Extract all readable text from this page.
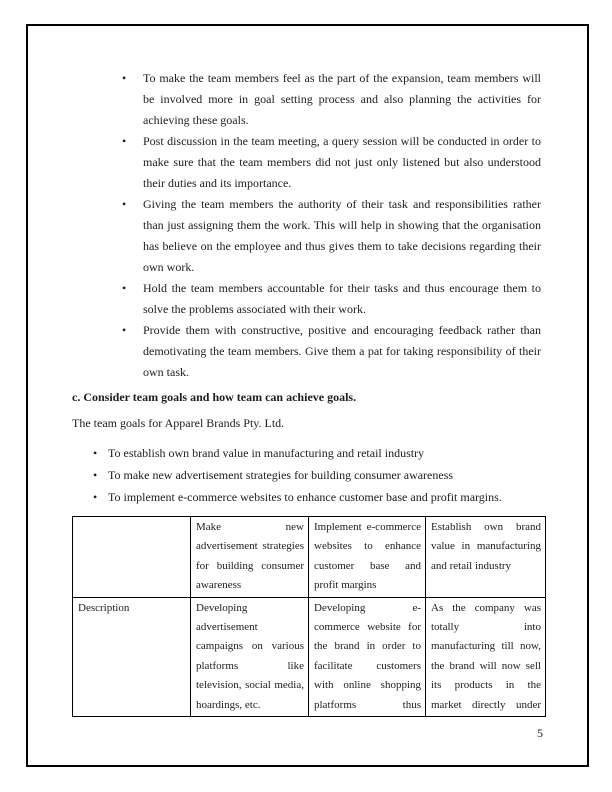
• To make the team members feel as the part of the expansion, team members will be involved more in goal setting process and also planning the activities for achieving these goals.
• Post discussion in the team meeting, a query session will be conducted in order to make sure that the team members did not just only listened but also understood their duties and its importance.
• Giving the team members the authority of their task and responsibilities rather than just assigning them the work. This will help in showing that the organisation has believe on the employee and thus gives them to take decisions regarding their own work.
• Hold the team members accountable for their tasks and thus encourage them to solve the problems associated with their work.
• Provide them with constructive, positive and encouraging feedback rather than demotivating the team members. Give them a pat for taking responsibility of their own task.

c. Consider team goals and how team can achieve goals.

The team goals for Apparel Brands Pty. Ltd.

• To establish own brand value in manufacturing and retail industry
• To make new advertisement strategies for building consumer awareness
• To implement e-commerce websites to enhance customer base and profit margins.
	Make new advertisement strategies for building consumer awareness	Implement e-commerce websites to enhance customer base and profit margins	Establish own brand value in manufacturing and retail industry
Description	Developing advertisement campaigns on various platforms like television, social media, hoardings, etc.	Developing e-commerce website for the brand in order to facilitate customers with online shopping platforms thus	As the company was totally into manufacturing till now, the brand will now sell its products in the market directly under
5
